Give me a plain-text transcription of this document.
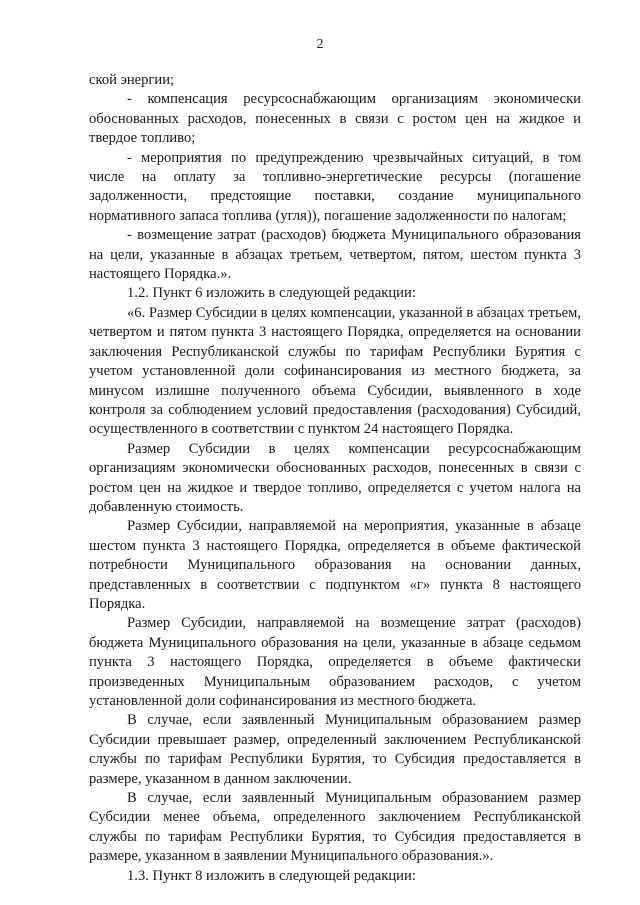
2

ской энергии;

- компенсация ресурсоснабжающим организациям экономически обоснованных расходов, понесенных в связи с ростом цен на жидкое и твердое топливо;

- мероприятия по предупреждению чрезвычайных ситуаций, в том числе на оплату за топливно-энергетические ресурсы (погашение задолженности, предстоящие поставки, создание муниципального нормативного запаса топлива (угля)), погашение задолженности по налогам;

- возмещение затрат (расходов) бюджета Муниципального образования на цели, указанные в абзацах третьем, четвертом, пятом, шестом пункта 3 настоящего Порядка.».

1.2. Пункт 6 изложить в следующей редакции:

«6. Размер Субсидии в целях компенсации, указанной в абзацах третьем, четвертом и пятом пункта 3 настоящего Порядка, определяется на основании заключения Республиканской службы по тарифам Республики Бурятия с учетом установленной доли софинансирования из местного бюджета, за минусом излишне полученного объема Субсидии, выявленного в ходе контроля за соблюдением условий предоставления (расходования) Субсидий, осуществленного в соответствии с пунктом 24 настоящего Порядка.

Размер Субсидии в целях компенсации ресурсоснабжающим организациям экономически обоснованных расходов, понесенных в связи с ростом цен на жидкое и твердое топливо, определяется с учетом налога на добавленную стоимость.

Размер Субсидии, направляемой на мероприятия, указанные в абзаце шестом пункта 3 настоящего Порядка, определяется в объеме фактической потребности Муниципального образования на основании данных, представленных в соответствии с подпунктом «г» пункта 8 настоящего Порядка.

Размер Субсидии, направляемой на возмещение затрат (расходов) бюджета Муниципального образования на цели, указанные в абзаце седьмом пункта 3 настоящего Порядка, определяется в объеме фактически произведенных Муниципальным образованием расходов, с учетом установленной доли софинансирования из местного бюджета.

В случае, если заявленный Муниципальным образованием размер Субсидии превышает размер, определенный заключением Республиканской службы по тарифам Республики Бурятия, то Субсидия предоставляется в размере, указанном в данном заключении.

В случае, если заявленный Муниципальным образованием размер Субсидии менее объема, определенного заключением Республиканской службы по тарифам Республики Бурятия, то Субсидия предоставляется в размере, указанном в заявлении Муниципального образования.».

1.3. Пункт 8 изложить в следующей редакции:
